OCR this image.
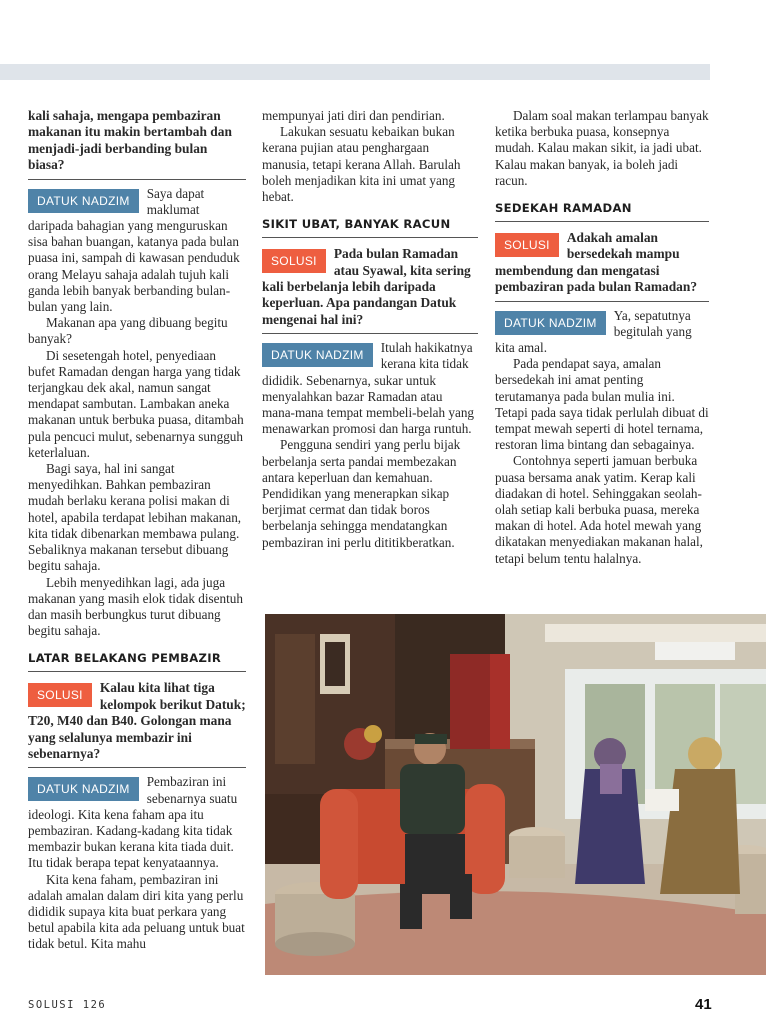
kali sahaja, mengapa pembaziran makanan itu makin bertambah dan menjadi-jadi berbanding bulan biasa?

DATUK NADZIM	Saya dapat maklumat daripada bahagian yang menguruskan sisa bahan buangan, katanya pada bulan puasa ini, sampah di kawasan penduduk orang Melayu sahaja adalah tujuh kali ganda lebih banyak berbanding bulan-bulan yang lain.

Makanan apa yang dibuang begitu banyak?

Di sesetengah hotel, penyediaan bufet Ramadan dengan harga yang tidak terjangkau dek akal, namun sangat mendapat sambutan. Lambakan aneka makanan untuk berbuka puasa, ditambah pula pencuci mulut, sebenarnya sungguh keterlaluan.

Bagi saya, hal ini sangat menyedihkan. Bahkan pembaziran mudah berlaku kerana polisi makan di hotel, apabila terdapat lebihan makanan, kita tidak dibenarkan membawa pulang. Sebaliknya makanan tersebut dibuang begitu sahaja.

Lebih menyedihkan lagi, ada juga makanan yang masih elok tidak disentuh dan masih berbungkus turut dibuang begitu sahaja.

LATAR BELAKANG PEMBAZIR
SOLUSI	Kalau kita lihat tiga kelompok berikut Datuk; T20, M40 dan B40. Golongan mana yang selalunya membazir ini sebenarnya?

DATUK NADZIM	Pembaziran ini sebenarnya suatu ideologi. Kita kena faham apa itu pembaziran. Kadang-kadang kita tidak membazir bukan kerana kita tiada duit. Itu tidak berapa tepat kenyataannya.

Kita kena faham, pembaziran ini adalah amalan dalam diri kita yang perlu dididik supaya kita buat perkara yang betul apabila kita ada peluang untuk buat tidak betul. Kita mahu

mempunyai jati diri dan pendirian.

Lakukan sesuatu kebaikan bukan kerana pujian atau penghargaan manusia, tetapi kerana Allah. Barulah boleh menjadikan kita ini umat yang hebat.

SIKIT UBAT, BANYAK RACUN
SOLUSI	Pada bulan Ramadan atau Syawal, kita sering kali berbelanja lebih daripada keperluan. Apa pandangan Datuk mengenai hal ini?

DATUK NADZIM	Itulah hakikatnya kerana kita tidak dididik. Sebenarnya, sukar untuk menyalahkan bazar Ramadan atau mana-mana tempat membeli-belah yang menawarkan promosi dan harga runtuh.

Pengguna sendiri yang perlu bijak berbelanja serta pandai membezakan antara keperluan dan kemahuan. Pendidikan yang menerapkan sikap berjimat cermat dan tidak boros berbelanja sehingga mendatangkan pembaziran ini perlu dititikberatkan.

Dalam soal makan terlampau banyak ketika berbuka puasa, konsepnya mudah. Kalau makan sikit, ia jadi ubat. Kalau makan banyak, ia boleh jadi racun.

SEDEKAH RAMADAN
SOLUSI	Adakah amalan bersedekah mampu membendung dan mengatasi pembaziran pada bulan Ramadan?

DATUK NADZIM	Ya, sepatutnya begitulah yang kita amal.

Pada pendapat saya, amalan bersedekah ini amat penting terutamanya pada bulan mulia ini. Tetapi pada saya tidak perlulah dibuat di tempat mewah seperti di hotel ternama, restoran lima bintang dan sebagainya.

Contohnya seperti jamuan berbuka puasa bersama anak yatim. Kerap kali diadakan di hotel. Sehinggakan seolah-olah setiap kali berbuka puasa, mereka makan di hotel. Ada hotel mewah yang dikatakan menyediakan makanan halal, tetapi belum tentu halalnya.

SOLUSI 126	41
